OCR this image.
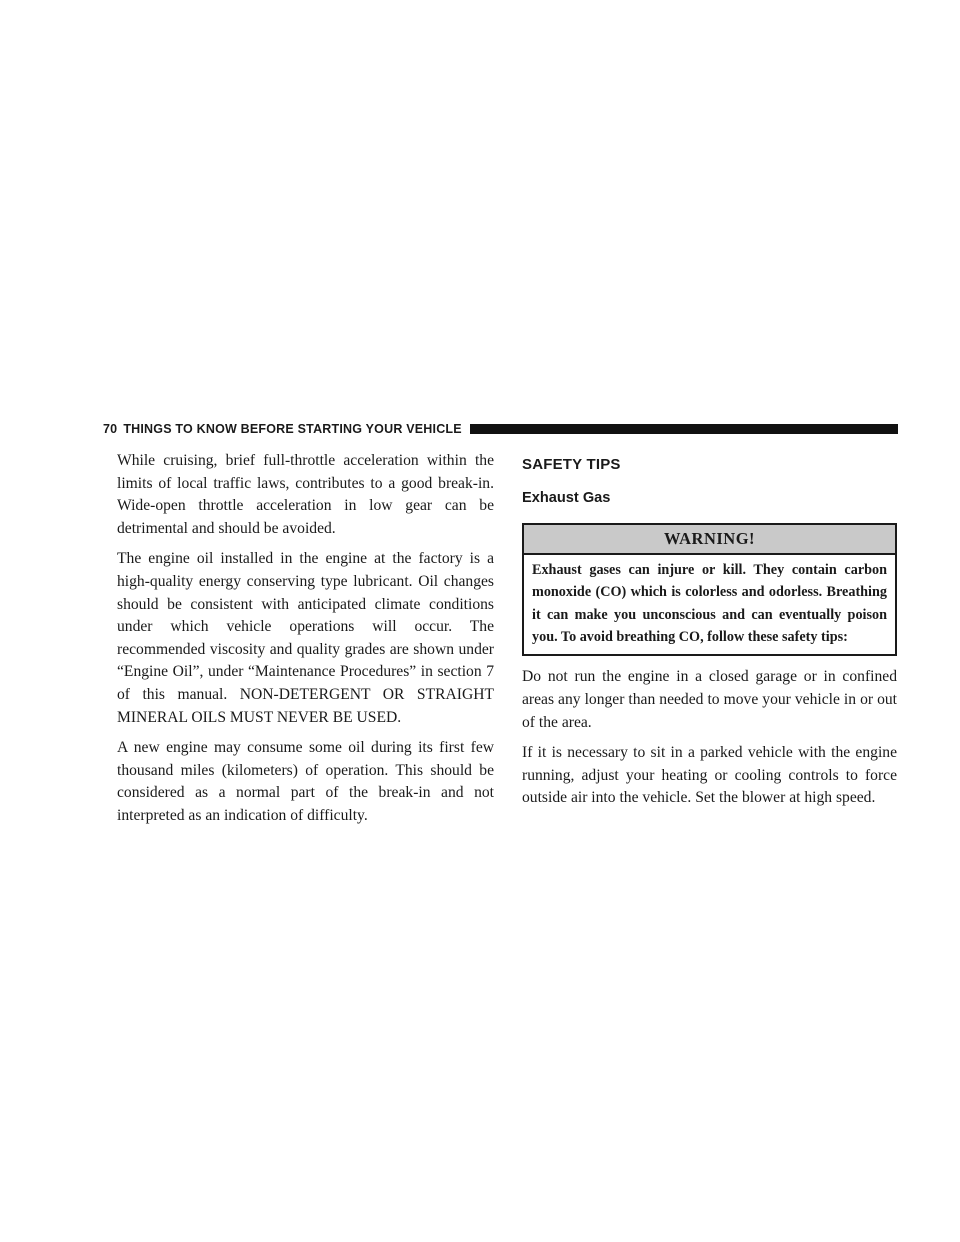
70 THINGS TO KNOW BEFORE STARTING YOUR VEHICLE

While cruising, brief full-throttle acceleration within the limits of local traffic laws, contributes to a good break-in. Wide-open throttle acceleration in low gear can be detrimental and should be avoided.

The engine oil installed in the engine at the factory is a high-quality energy conserving type lubricant. Oil changes should be consistent with anticipated climate conditions under which vehicle operations will occur. The recommended viscosity and quality grades are shown under “Engine Oil”, under “Maintenance Procedures” in section 7 of this manual. NON-DETERGENT OR STRAIGHT MINERAL OILS MUST NEVER BE USED.

A new engine may consume some oil during its first few thousand miles (kilometers) of operation. This should be considered as a normal part of the break-in and not interpreted as an indication of difficulty.

SAFETY TIPS
Exhaust Gas
WARNING!
Exhaust gases can injure or kill. They contain carbon monoxide (CO) which is colorless and odorless. Breathing it can make you unconscious and can eventually poison you. To avoid breathing CO, follow these safety tips:

Do not run the engine in a closed garage or in confined areas any longer than needed to move your vehicle in or out of the area.

If it is necessary to sit in a parked vehicle with the engine running, adjust your heating or cooling controls to force outside air into the vehicle. Set the blower at high speed.
